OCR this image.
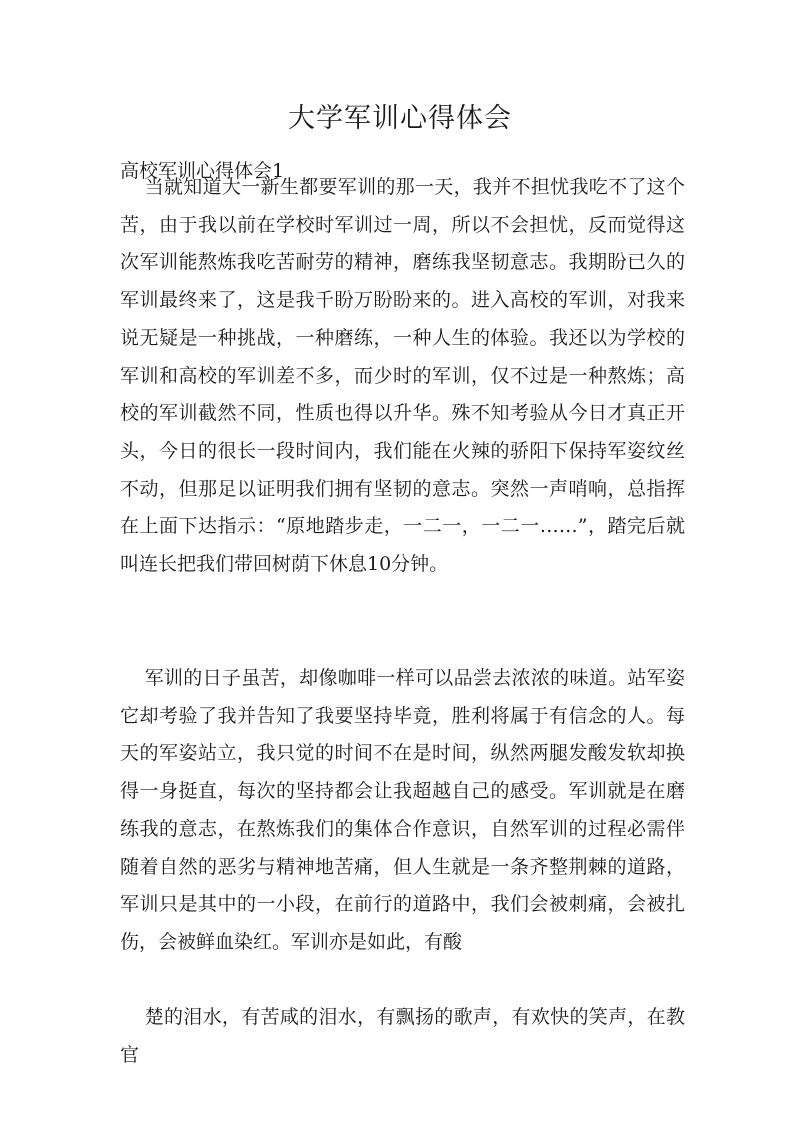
大学军训心得体会
高校军训心得体会1

当就知道大一新生都要军训的那一天，我并不担忧我吃不了这个苦，由于我以前在学校时军训过一周，所以不会担忧，反而觉得这次军训能熬炼我吃苦耐劳的精神，磨练我坚韧意志。我期盼已久的军训最终来了，这是我千盼万盼盼来的。进入高校的军训，对我来说无疑是一种挑战，一种磨练，一种人生的体验。我还以为学校的军训和高校的军训差不多，而少时的军训，仅不过是一种熬炼；高校的军训截然不同，性质也得以升华。殊不知考验从今日才真正开头，今日的很长一段时间内，我们能在火辣的骄阳下保持军姿纹丝不动，但那足以证明我们拥有坚韧的意志。突然一声哨响，总指挥在上面下达指示：“原地踏步走，一二一，一二一……”，踏完后就叫连长把我们带回树荫下休息10分钟。

军训的日子虽苦，却像咖啡一样可以品尝去浓浓的味道。站军姿它却考验了我并告知了我要坚持毕竟，胜利将属于有信念的人。每天的军姿站立，我只觉的时间不在是时间，纵然两腿发酸发软却换得一身挺直，每次的坚持都会让我超越自己的感受。军训就是在磨练我的意志，在熬炼我们的集体合作意识，自然军训的过程必需伴随着自然的恶劣与精神地苦痛，但人生就是一条齐整荆棘的道路，军训只是其中的一小段，在前行的道路中，我们会被刺痛，会被扎伤，会被鲜血染红。军训亦是如此，有酸

楚的泪水，有苦咸的泪水，有飘扬的歌声，有欢快的笑声，在教官
